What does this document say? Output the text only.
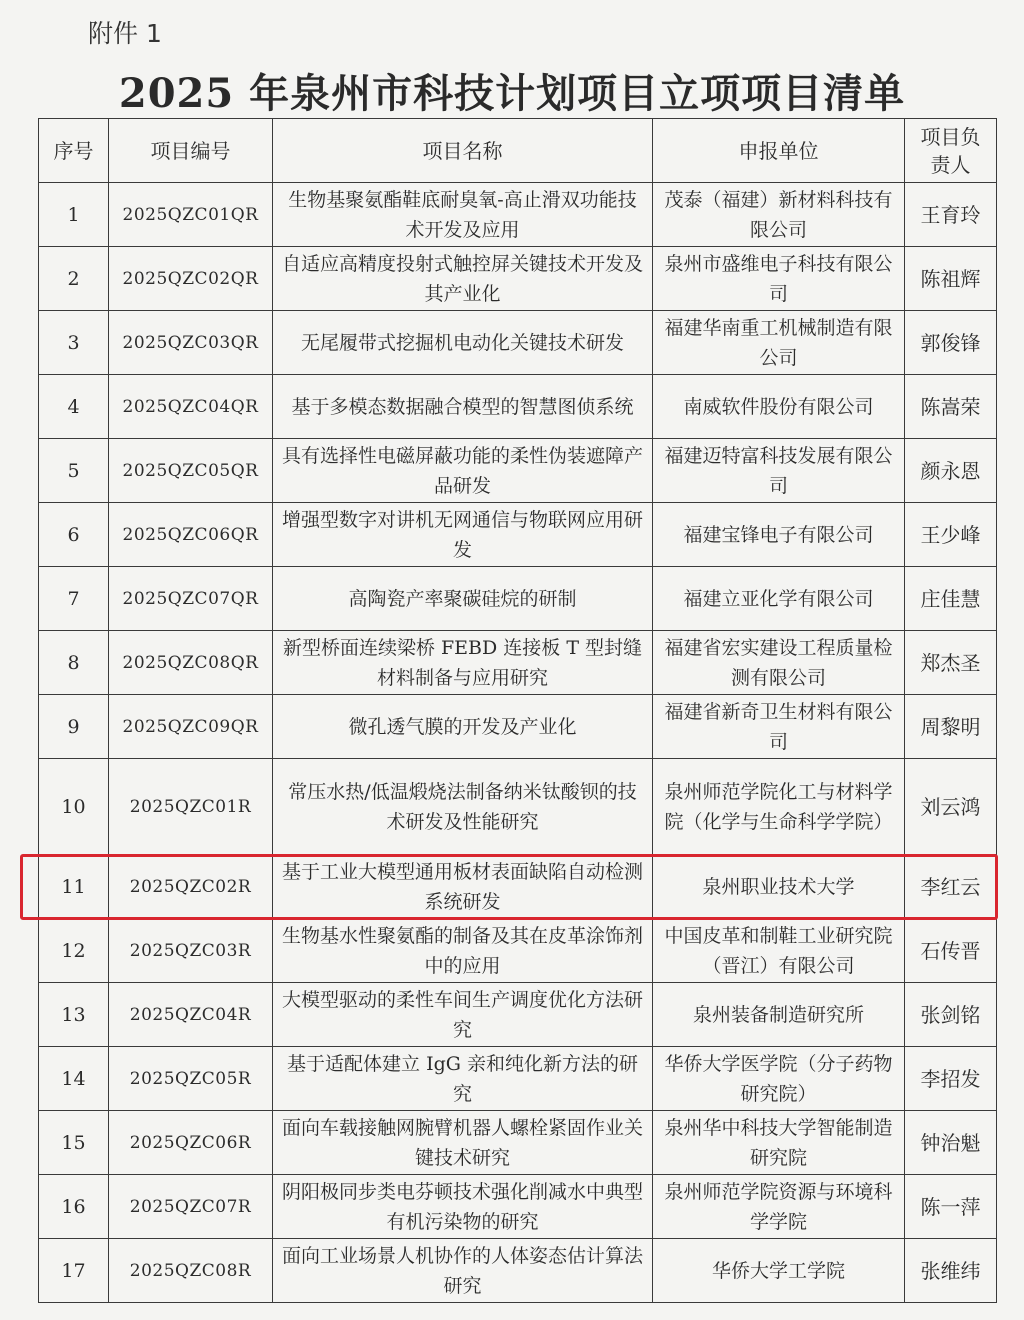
附件 1
2025 年泉州市科技计划项目立项项目清单
序号	项目编号	项目名称	申报单位	项目负责人
1	2025QZC01QR	生物基聚氨酯鞋底耐臭氧-高止滑双功能技术开发及应用	茂泰（福建）新材料科技有限公司	王育玲
2	2025QZC02QR	自适应高精度投射式触控屏关键技术开发及其产业化	泉州市盛维电子科技有限公司	陈祖辉
3	2025QZC03QR	无尾履带式挖掘机电动化关键技术研发	福建华南重工机械制造有限公司	郭俊锋
4	2025QZC04QR	基于多模态数据融合模型的智慧图侦系统	南威软件股份有限公司	陈嵩荣
5	2025QZC05QR	具有选择性电磁屏蔽功能的柔性伪装遮障产品研发	福建迈特富科技发展有限公司	颜永恩
6	2025QZC06QR	增强型数字对讲机无网通信与物联网应用研发	福建宝锋电子有限公司	王少峰
7	2025QZC07QR	高陶瓷产率聚碳硅烷的研制	福建立亚化学有限公司	庄佳慧
8	2025QZC08QR	新型桥面连续梁桥 FEBD 连接板 T 型封缝材料制备与应用研究	福建省宏实建设工程质量检测有限公司	郑杰圣
9	2025QZC09QR	微孔透气膜的开发及产业化	福建省新奇卫生材料有限公司	周黎明
10	2025QZC01R	常压水热/低温煅烧法制备纳米钛酸钡的技术研发及性能研究	泉州师范学院化工与材料学院（化学与生命科学学院）	刘云鸿
11	2025QZC02R	基于工业大模型通用板材表面缺陷自动检测系统研发	泉州职业技术大学	李红云
12	2025QZC03R	生物基水性聚氨酯的制备及其在皮革涂饰剂中的应用	中国皮革和制鞋工业研究院（晋江）有限公司	石传晋
13	2025QZC04R	大模型驱动的柔性车间生产调度优化方法研究	泉州装备制造研究所	张剑铭
14	2025QZC05R	基于适配体建立 IgG 亲和纯化新方法的研究	华侨大学医学院（分子药物研究院）	李招发
15	2025QZC06R	面向车载接触网腕臂机器人螺栓紧固作业关键技术研究	泉州华中科技大学智能制造研究院	钟治魁
16	2025QZC07R	阴阳极同步类电芬顿技术强化削减水中典型有机污染物的研究	泉州师范学院资源与环境科学学院	陈一萍
17	2025QZC08R	面向工业场景人机协作的人体姿态估计算法研究	华侨大学工学院	张维纬
